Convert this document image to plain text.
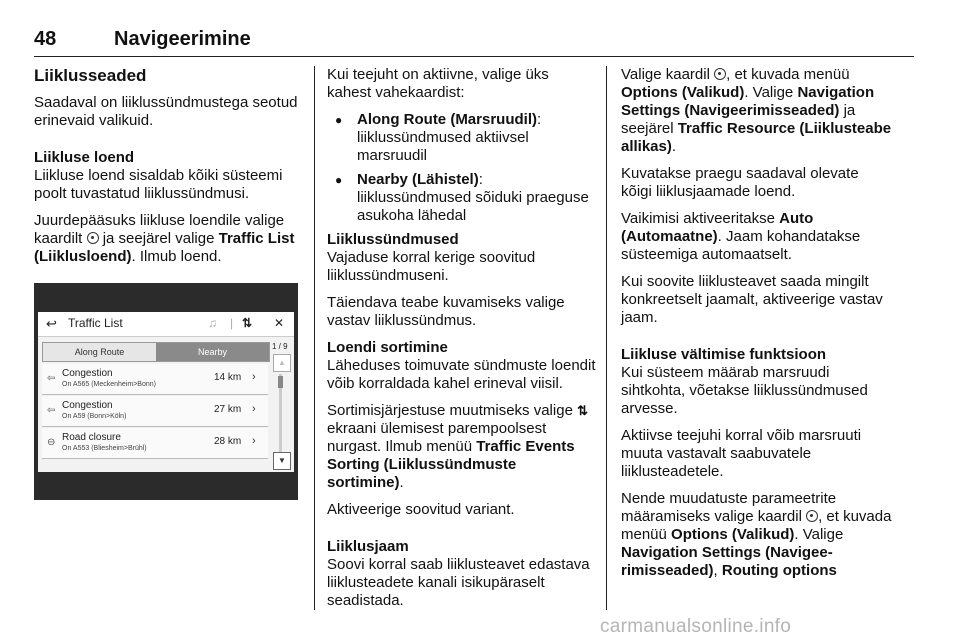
48	Navigeerimine
Liiklusseaded

Saadaval on liiklussündmustega seotud erinevaid valikuid.

Liikluse loend

Liikluse loend sisaldab kõiki süsteemi poolt tuvastatud liiklussündmusi.

Juurdepääsuks liikluse loendile valige kaardilt ja seejärel valige Traffic List (Liiklusloend). Ilmub loend.

↩ Traffic List	♫ | ⇅ ✕
Along Route	Nearby
⇦ Congestion
On A565 (Meckenheim>Bonn)
14 km ›
⇦ Congestion
On A59 (Bonn>Köln)
27 km ›
⊖ Road closure
On A553 (Bliesheim>Brühl)
28 km ›
1 / 9
▲
▼

Kui teejuht on aktiivne, valige üks kahest vahekaardist:

● Along Route (Marsruudil):
liiklussündmused aktiivsel marsruudil
● Nearby (Lähistel):
liiklussündmused sõiduki praeguse asukoha lähedal
Liiklussündmused

Vajaduse korral kerige soovitud liiklussündmuseni.

Täiendava teabe kuvamiseks valige vastav liiklussündmus.

Loendi sortimine

Läheduses toimuvate sündmuste loendit võib korraldada kahel erineval viisil.

Sortimisjärjestuse muutmiseks valige ⇅ ekraani ülemisest parempoolsest nurgast. Ilmub menüü Traffic Events Sorting (Liiklussündmuste sortimine).

Aktiveerige soovitud variant.

Liiklusjaam

Soovi korral saab liiklusteavet edastava liiklusteadete kanali isikupäraselt seadistada.

Valige kaardil , et kuvada menüü Options (Valikud). Valige Navigation Settings (Navigeerimisseaded) ja seejärel Traffic Resource (Liiklusteabe allikas).

Kuvatakse praegu saadaval olevate kõigi liiklusjaamade loend.

Vaikimisi aktiveeritakse Auto (Automaatne). Jaam kohandatakse süsteemiga automaatselt.

Kui soovite liiklusteavet saada mingilt konkreetselt jaamalt, aktiveerige vastav jaam.

Liikluse vältimise funktsioon

Kui süsteem määrab marsruudi sihtkohta, võetakse liiklussündmused arvesse.

Aktiivse teejuhi korral võib marsruuti muuta vastavalt saabuvatele liiklusteadetele.

Nende muudatuste parameetrite määramiseks valige kaardil , et kuvada menüü Options (Valikud). Valige Navigation Settings (Navigee-rimisseaded), Routing options

carmanualsonline.info
